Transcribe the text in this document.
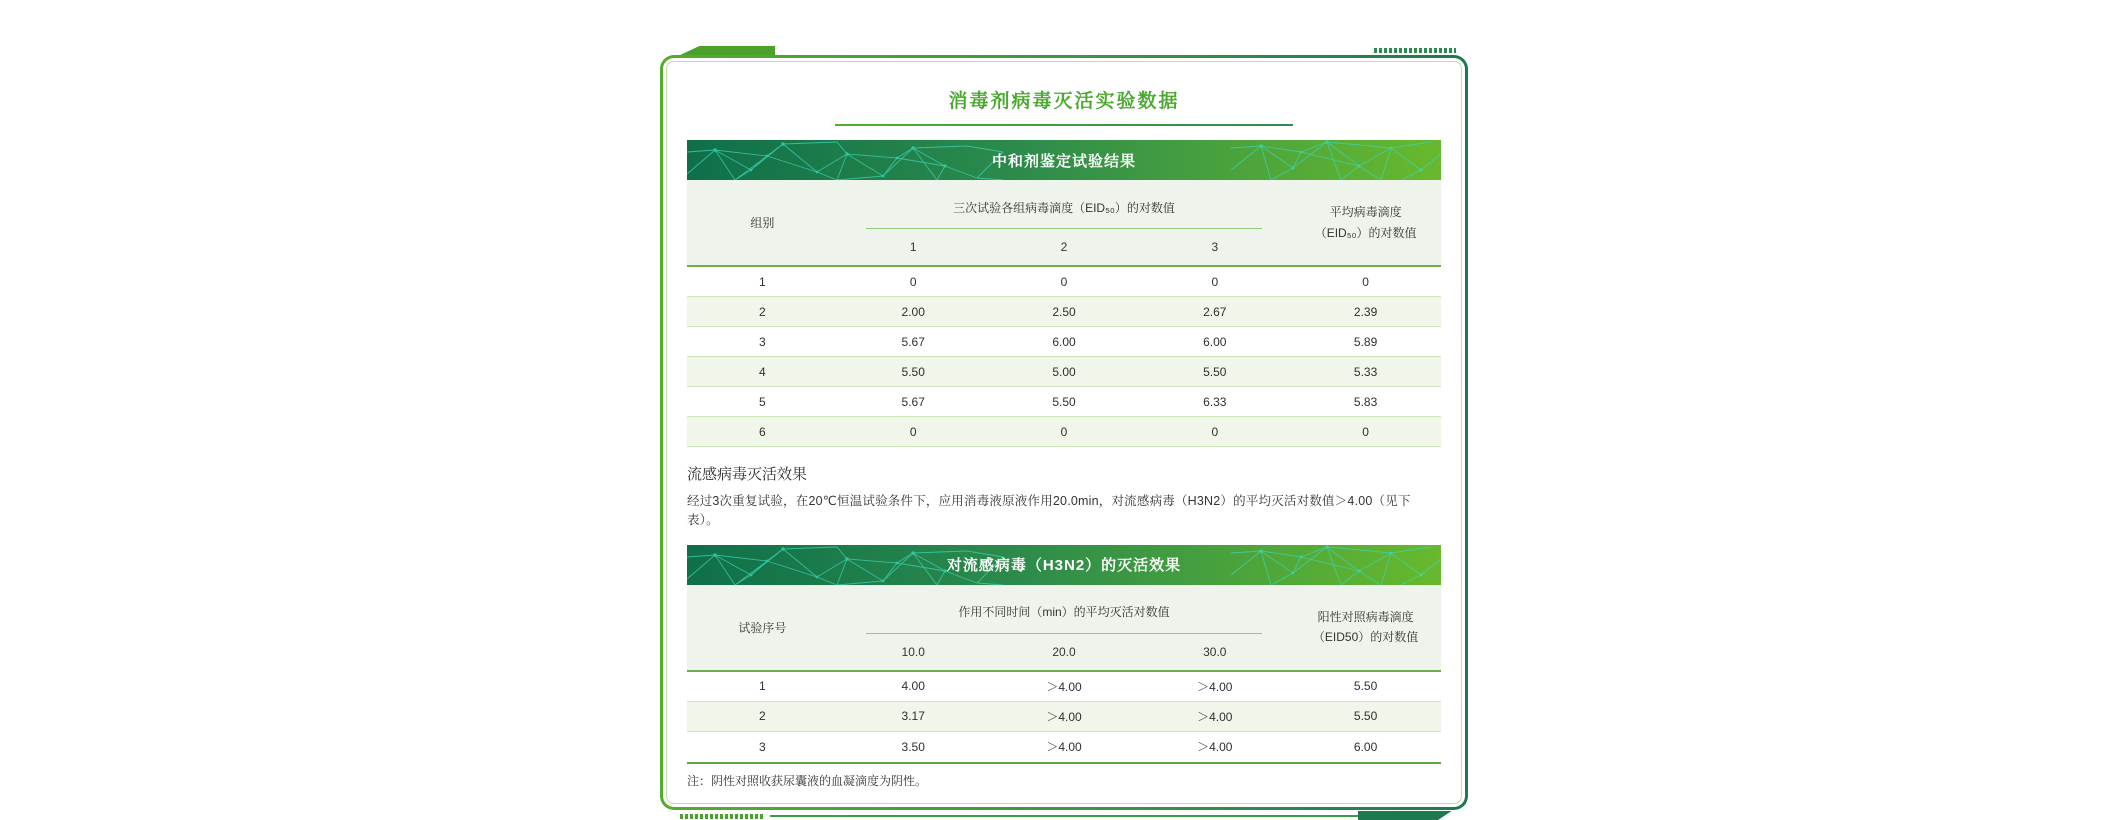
消毒剂病毒灭活实验数据
中和剂鉴定试验结果
组别
三次试验各组病毒滴度（EID₅₀）的对数值
1	2	3
平均病毒滴度
（EID₅₀）的对数值
1	0	0	0	0
2	2.00	2.50	2.67	2.39
3	5.67	6.00	6.00	5.89
4	5.50	5.00	5.50	5.33
5	5.67	5.50	6.33	5.83
6	0	0	0	0
流感病毒灭活效果
经过3次重复试验，在20℃恒温试验条件下，应用消毒液原液作用20.0min，对流感病毒（H3N2）的平均灭活对数值＞4.00（见下表）。
对流感病毒（H3N2）的灭活效果
试验序号
作用不同时间（min）的平均灭活对数值
10.0	20.0	30.0
阳性对照病毒滴度
（EID50）的对数值
1	4.00	＞4.00	＞4.00	5.50
2	3.17	＞4.00	＞4.00	5.50
3	3.50	＞4.00	＞4.00	6.00
注：阴性对照收获尿囊液的血凝滴度为阴性。
